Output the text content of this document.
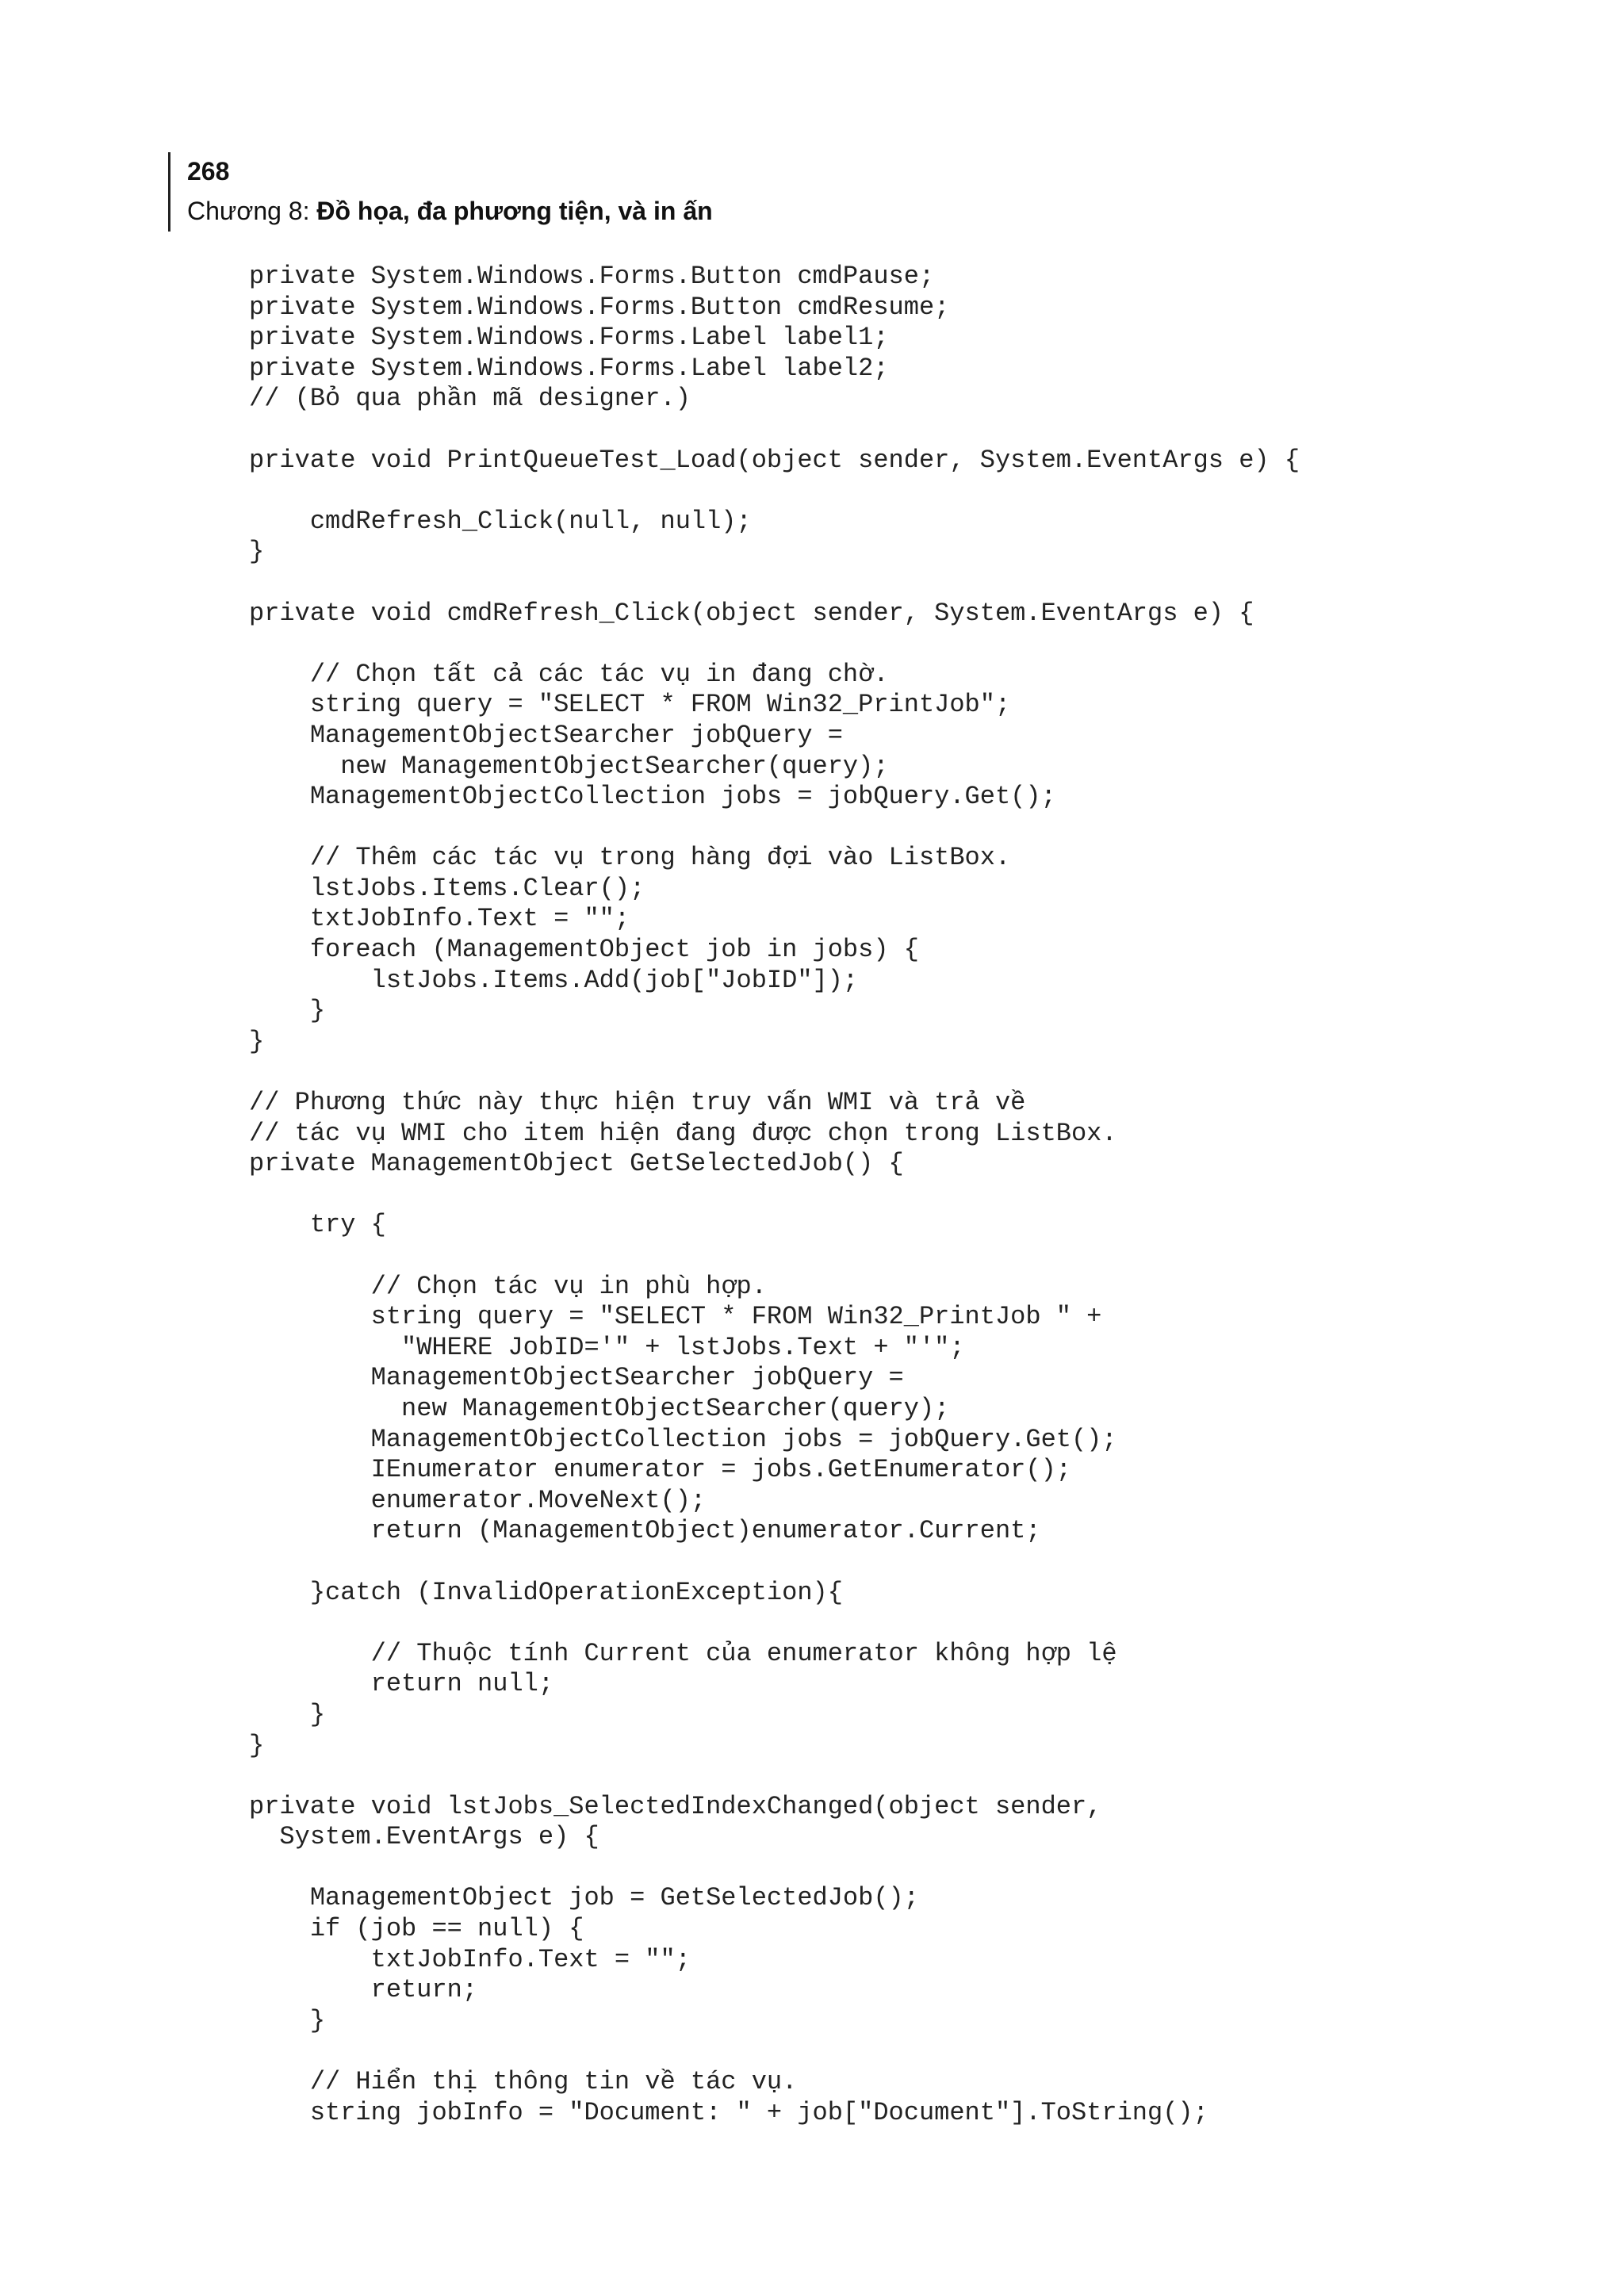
268
Chương 8: Đồ họa, đa phương tiện, và in ấn
private System.Windows.Forms.Button cmdPause;
private System.Windows.Forms.Button cmdResume;
private System.Windows.Forms.Label label1;
private System.Windows.Forms.Label label2;
// (Bỏ qua phần mã designer.)
private void PrintQueueTest_Load(object sender, System.EventArgs e) {
cmdRefresh_Click(null, null);
}
private void cmdRefresh_Click(object sender, System.EventArgs e) {
// Chọn tất cả các tác vụ in đang chờ.
string query = "SELECT * FROM Win32_PrintJob";
ManagementObjectSearcher jobQuery =
new ManagementObjectSearcher(query);
ManagementObjectCollection jobs = jobQuery.Get();
// Thêm các tác vụ trong hàng đợi vào ListBox.
lstJobs.Items.Clear();
txtJobInfo.Text = "";
foreach (ManagementObject job in jobs) {
lstJobs.Items.Add(job["JobID"]);
}
}
// Phương thức này thực hiện truy vấn WMI và trả về
// tác vụ WMI cho item hiện đang được chọn trong ListBox.
private ManagementObject GetSelectedJob() {
try {
// Chọn tác vụ in phù hợp.
string query = "SELECT * FROM Win32_PrintJob " +
"WHERE JobID='" + lstJobs.Text + "'";
ManagementObjectSearcher jobQuery =
new ManagementObjectSearcher(query);
ManagementObjectCollection jobs = jobQuery.Get();
IEnumerator enumerator = jobs.GetEnumerator();
enumerator.MoveNext();
return (ManagementObject)enumerator.Current;
}catch (InvalidOperationException){
// Thuộc tính Current của enumerator không hợp lệ
return null;
}
}
private void lstJobs_SelectedIndexChanged(object sender,
System.EventArgs e) {
ManagementObject job = GetSelectedJob();
if (job == null) {
txtJobInfo.Text = "";
return;
}
// Hiển thị thông tin về tác vụ.
string jobInfo = "Document: " + job["Document"].ToString();
